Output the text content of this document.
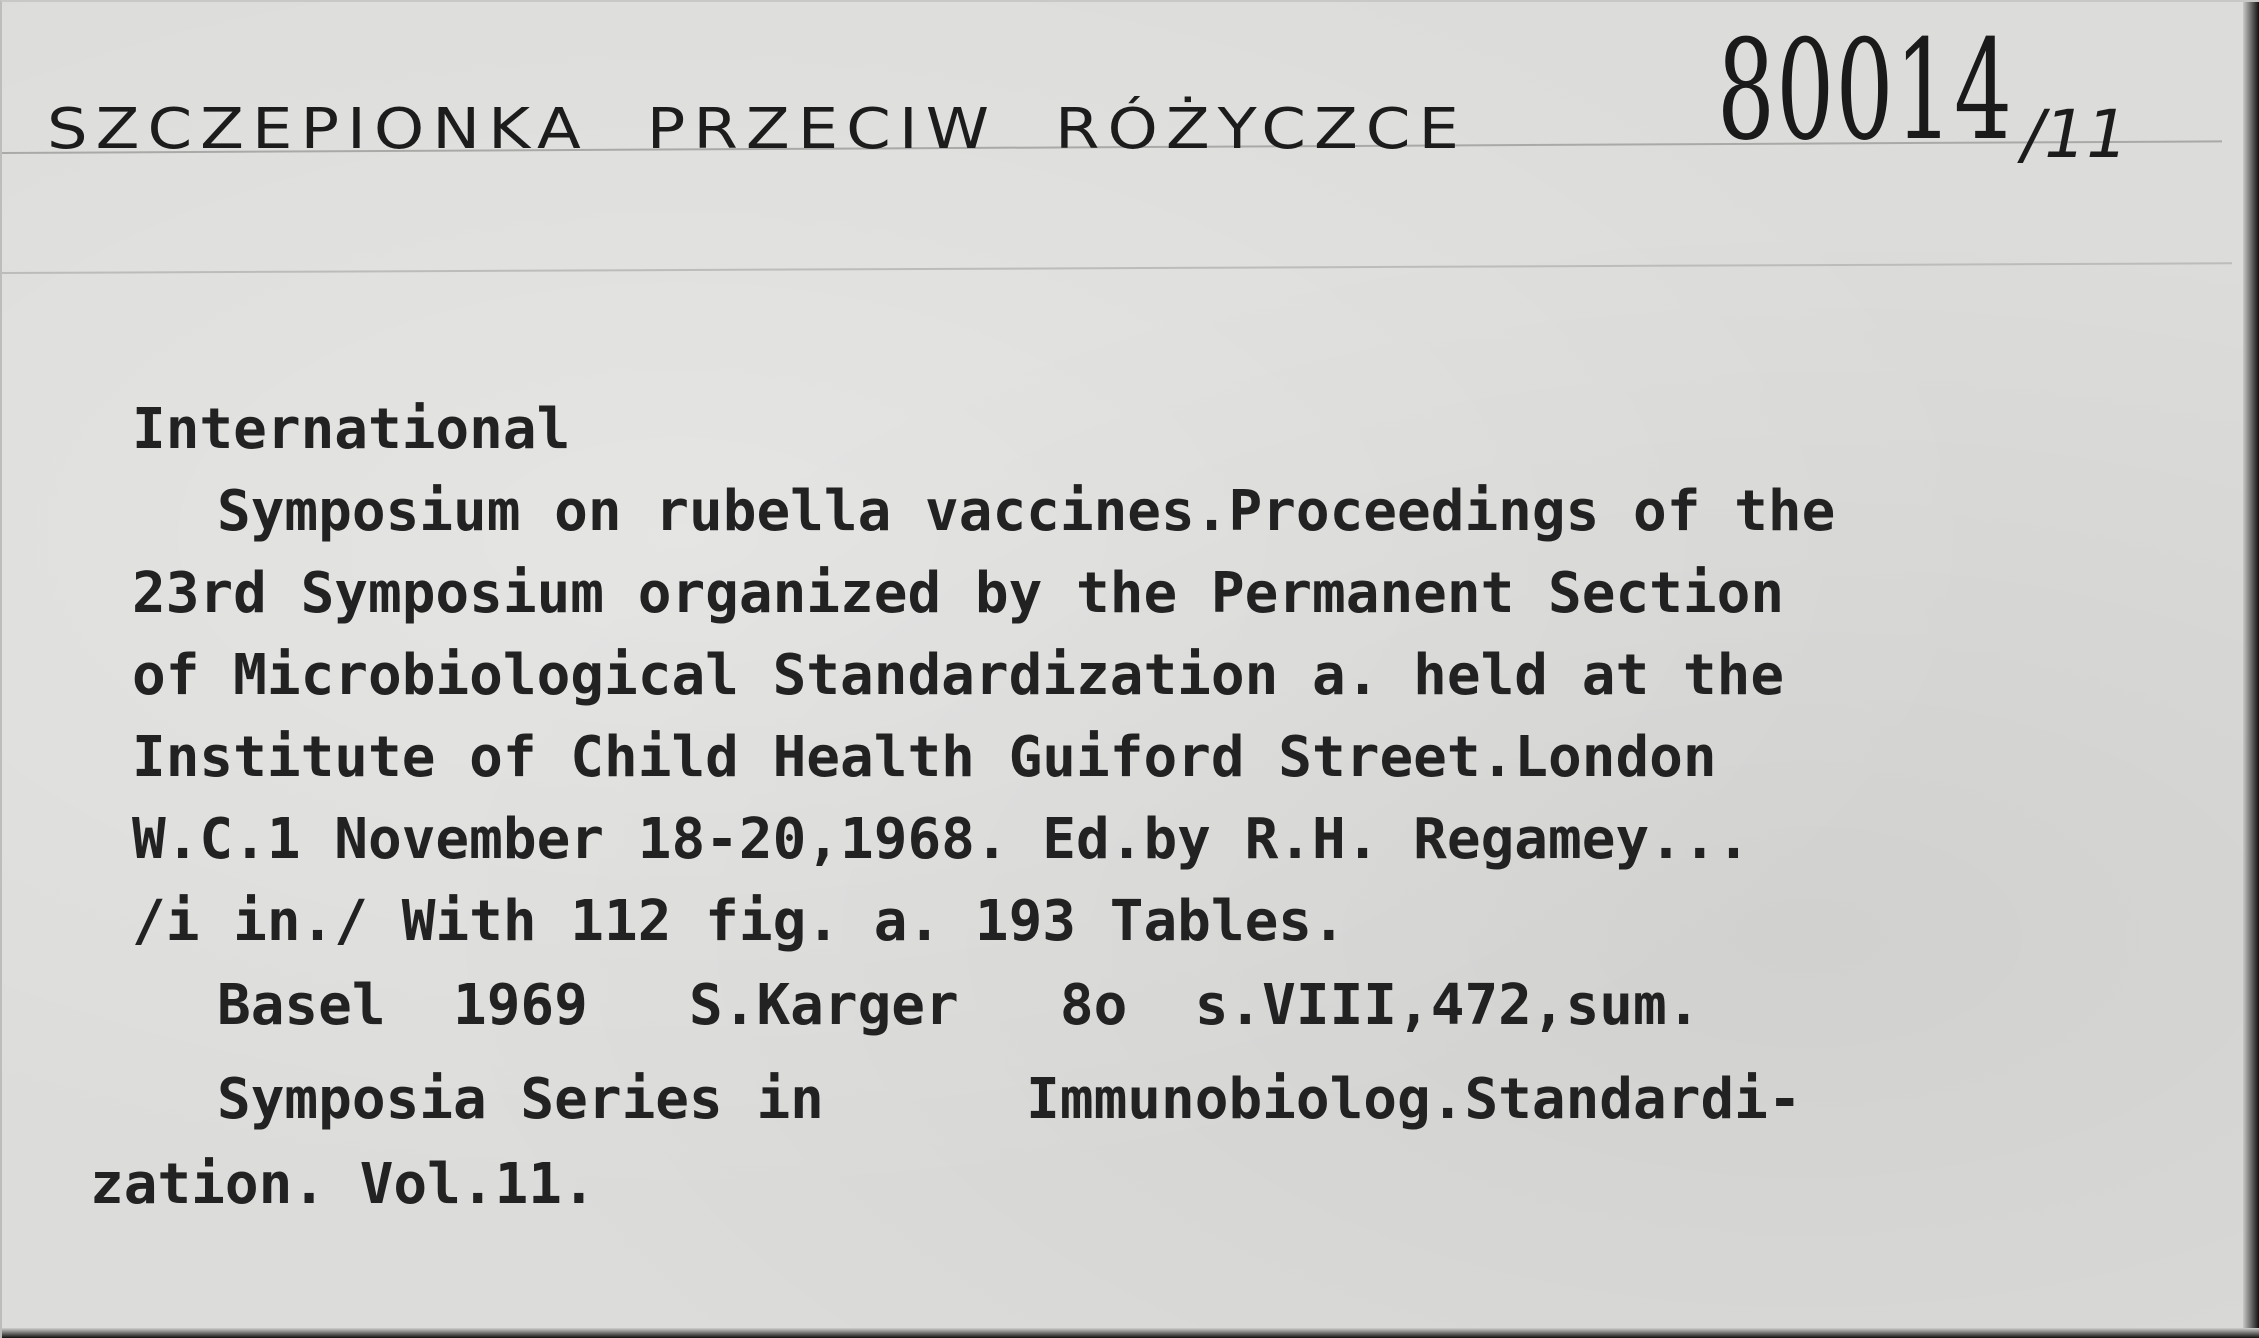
SZCZEPIONKA PRZECIW RÓŻYCZCE	80014 /11
International
Symposium on rubella vaccines.Proceedings of the
23rd Symposium organized by the Permanent Section
of Microbiological Standardization a. held at the
Institute of Child Health Guiford Street.London
W.C.1 November 18-20,1968. Ed.by R.H. Regamey...
/i in./ With 112 fig. a. 193 Tables.
Basel  1969   S.Karger   8o  s.VIII,472,sum.
Symposia Series in      Immunobiolog.Standardi-
zation. Vol.11.
